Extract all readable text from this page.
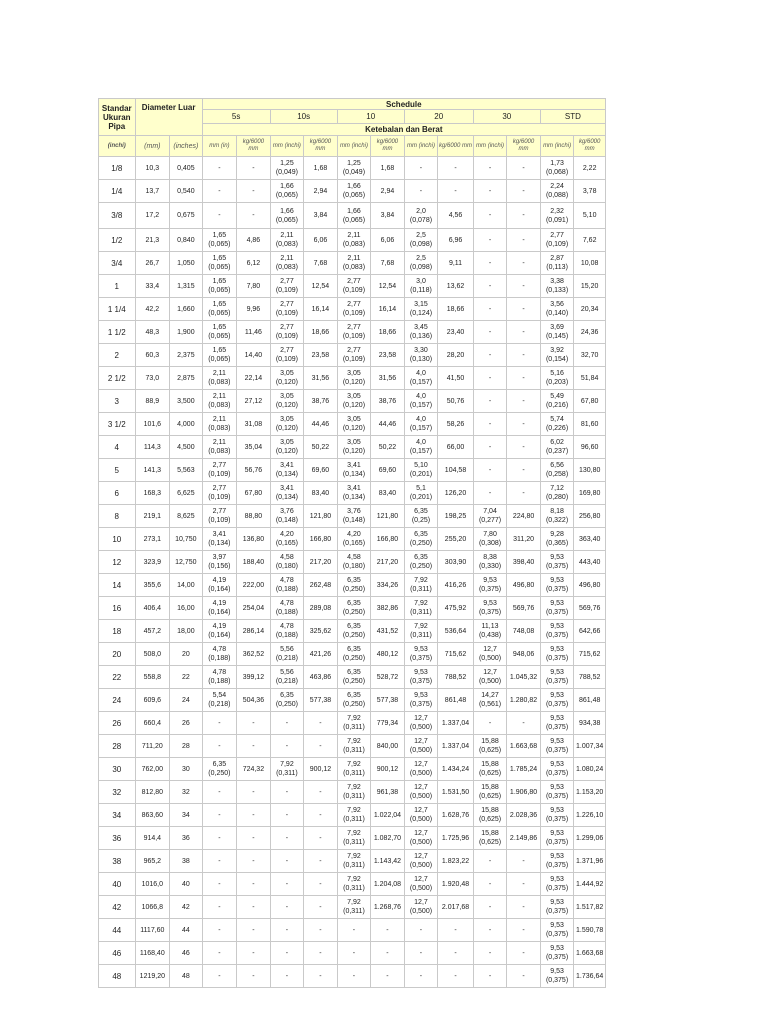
Standar Ukuran Pipa	Diameter Luar		Schedule											
			5s		10s		10		20		30		STD	
			Ketebalan dan Berat											
(inchi)	(mm)	(inches)	mm (in)	kg/6000 mm	mm (inchi)	kg/6000 mm	mm (inchi)	kg/6000 mm	mm (inchi)	kg/6000 mm	mm (inchi)	kg/6000 mm	mm (inchi)	kg/6000 mm
1/8	10,3	0,405	-	-	1,25 (0,049)	1,68	1,25 (0,049)	1,68	-	-	-	-	1,73 (0,068)	2,22
1/4	13,7	0,540	-	-	1,66 (0,065)	2,94	1,66 (0,065)	2,94	-	-	-	-	2,24 (0,088)	3,78
3/8	17,2	0,675	-	-	1,66 (0,065)	3,84	1,66 (0,065)	3,84	2,0 (0,078)	4,56	-	-	2,32 (0,091)	5,10
1/2	21,3	0,840	1,65 (0,065)	4,86	2,11 (0,083)	6,06	2,11 (0,083)	6,06	2,5 (0,098)	6,96	-	-	2,77 (0,109)	7,62
3/4	26,7	1,050	1,65 (0,065)	6,12	2,11 (0,083)	7,68	2,11 (0,083)	7,68	2,5 (0,098)	9,11	-	-	2,87 (0,113)	10,08
1	33,4	1,315	1,65 (0,065)	7,80	2,77 (0,109)	12,54	2,77 (0,109)	12,54	3,0 (0,118)	13,62	-	-	3,38 (0,133)	15,20
1 1/4	42,2	1,660	1,65 (0,065)	9,96	2,77 (0,109)	16,14	2,77 (0,109)	16,14	3,15 (0,124)	18,66	-	-	3,56 (0,140)	20,34
1 1/2	48,3	1,900	1,65 (0,065)	11,46	2,77 (0,109)	18,66	2,77 (0,109)	18,66	3,45 (0,136)	23,40	-	-	3,69 (0,145)	24,36
2	60,3	2,375	1,65 (0,065)	14,40	2,77 (0,109)	23,58	2,77 (0,109)	23,58	3,30 (0,130)	28,20	-	-	3,92 (0,154)	32,70
2 1/2	73,0	2,875	2,11 (0,083)	22,14	3,05 (0,120)	31,56	3,05 (0,120)	31,56	4,0 (0,157)	41,50	-	-	5,16 (0,203)	51,84
3	88,9	3,500	2,11 (0,083)	27,12	3,05 (0,120)	38,76	3,05 (0,120)	38,76	4,0 (0,157)	50,76	-	-	5,49 (0,216)	67,80
3 1/2	101,6	4,000	2,11 (0,083)	31,08	3,05 (0,120)	44,46	3,05 (0,120)	44,46	4,0 (0,157)	58,26	-	-	5,74 (0,226)	81,60
4	114,3	4,500	2,11 (0,083)	35,04	3,05 (0,120)	50,22	3,05 (0,120)	50,22	4,0 (0,157)	66,00	-	-	6,02 (0,237)	96,60
5	141,3	5,563	2,77 (0,109)	56,76	3,41 (0,134)	69,60	3,41 (0,134)	69,60	5,10 (0,201)	104,58	-	-	6,56 (0,258)	130,80
6	168,3	6,625	2,77 (0,109)	67,80	3,41 (0,134)	83,40	3,41 (0,134)	83,40	5,1 (0,201)	126,20	-	-	7,12 (0,280)	169,80
8	219,1	8,625	2,77 (0,109)	88,80	3,76 (0,148)	121,80	3,76 (0,148)	121,80	6,35 (0,25)	198,25	7,04 (0,277)	224,80	8,18 (0,322)	256,80
10	273,1	10,750	3,41 (0,134)	136,80	4,20 (0,165)	166,80	4,20 (0,165)	166,80	6,35 (0,250)	255,20	7,80 (0,308)	311,20	9,28 (0,365)	363,40
12	323,9	12,750	3,97 (0,156)	188,40	4,58 (0,180)	217,20	4,58 (0,180)	217,20	6,35 (0,250)	303,90	8,38 (0,330)	398,40	9,53 (0,375)	443,40
14	355,6	14,00	4,19 (0,164)	222,00	4,78 (0,188)	262,48	6,35 (0,250)	334,26	7,92 (0,311)	416,26	9,53 (0,375)	496,80	9,53 (0,375)	496,80
16	406,4	16,00	4,19 (0,164)	254,04	4,78 (0,188)	289,08	6,35 (0,250)	382,86	7,92 (0,311)	475,92	9,53 (0,375)	569,76	9,53 (0,375)	569,76
18	457,2	18,00	4,19 (0,164)	286,14	4,78 (0,188)	325,62	6,35 (0,250)	431,52	7,92 (0,311)	536,64	11,13 (0,438)	748,08	9,53 (0,375)	642,66
20	508,0	20	4,78 (0,188)	362,52	5,56 (0,218)	421,26	6,35 (0,250)	480,12	9,53 (0,375)	715,62	12,7 (0,500)	948,06	9,53 (0,375)	715,62
22	558,8	22	4,78 (0,188)	399,12	5,56 (0,218)	463,86	6,35 (0,250)	528,72	9,53 (0,375)	788,52	12,7 (0,500)	1.045,32	9,53 (0,375)	788,52
24	609,6	24	5,54 (0,218)	504,36	6,35 (0,250)	577,38	6,35 (0,250)	577,38	9,53 (0,375)	861,48	14,27 (0,561)	1.280,82	9,53 (0,375)	861,48
26	660,4	26	-	-	-	-	7,92 (0,311)	779,34	12,7 (0,500)	1.337,04	-	-	9,53 (0,375)	934,38
28	711,20	28	-	-	-	-	7,92 (0,311)	840,00	12,7 (0,500)	1.337,04	15,88 (0,625)	1.663,68	9,53 (0,375)	1.007,34
30	762,00	30	6,35 (0,250)	724,32	7,92 (0,311)	900,12	7,92 (0,311)	900,12	12,7 (0,500)	1.434,24	15,88 (0,625)	1.785,24	9,53 (0,375)	1.080,24
32	812,80	32	-	-	-	-	7,92 (0,311)	961,38	12,7 (0,500)	1.531,50	15,88 (0,625)	1.906,80	9,53 (0,375)	1.153,20
34	863,60	34	-	-	-	-	7,92 (0,311)	1.022,04	12,7 (0,500)	1.628,76	15,88 (0,625)	2.028,36	9,53 (0,375)	1.226,10
36	914,4	36	-	-	-	-	7,92 (0,311)	1.082,70	12,7 (0,500)	1.725,96	15,88 (0,625)	2.149,86	9,53 (0,375)	1.299,06
38	965,2	38	-	-	-	-	7,92 (0,311)	1.143,42	12,7 (0,500)	1.823,22	-	-	9,53 (0,375)	1.371,96
40	1016,0	40	-	-	-	-	7,92 (0,311)	1.204,08	12,7 (0,500)	1.920,48	-	-	9,53 (0,375)	1.444,92
42	1066,8	42	-	-	-	-	7,92 (0,311)	1.268,76	12,7 (0,500)	2.017,68	-	-	9,53 (0,375)	1.517,82
44	1117,60	44	-	-	-	-	-	-	-	-	-	-	9,53 (0,375)	1.590,78
46	1168,40	46	-	-	-	-	-	-	-	-	-	-	9,53 (0,375)	1.663,68
48	1219,20	48	-	-	-	-	-	-	-	-	-	-	9,53 (0,375)	1.736,64
